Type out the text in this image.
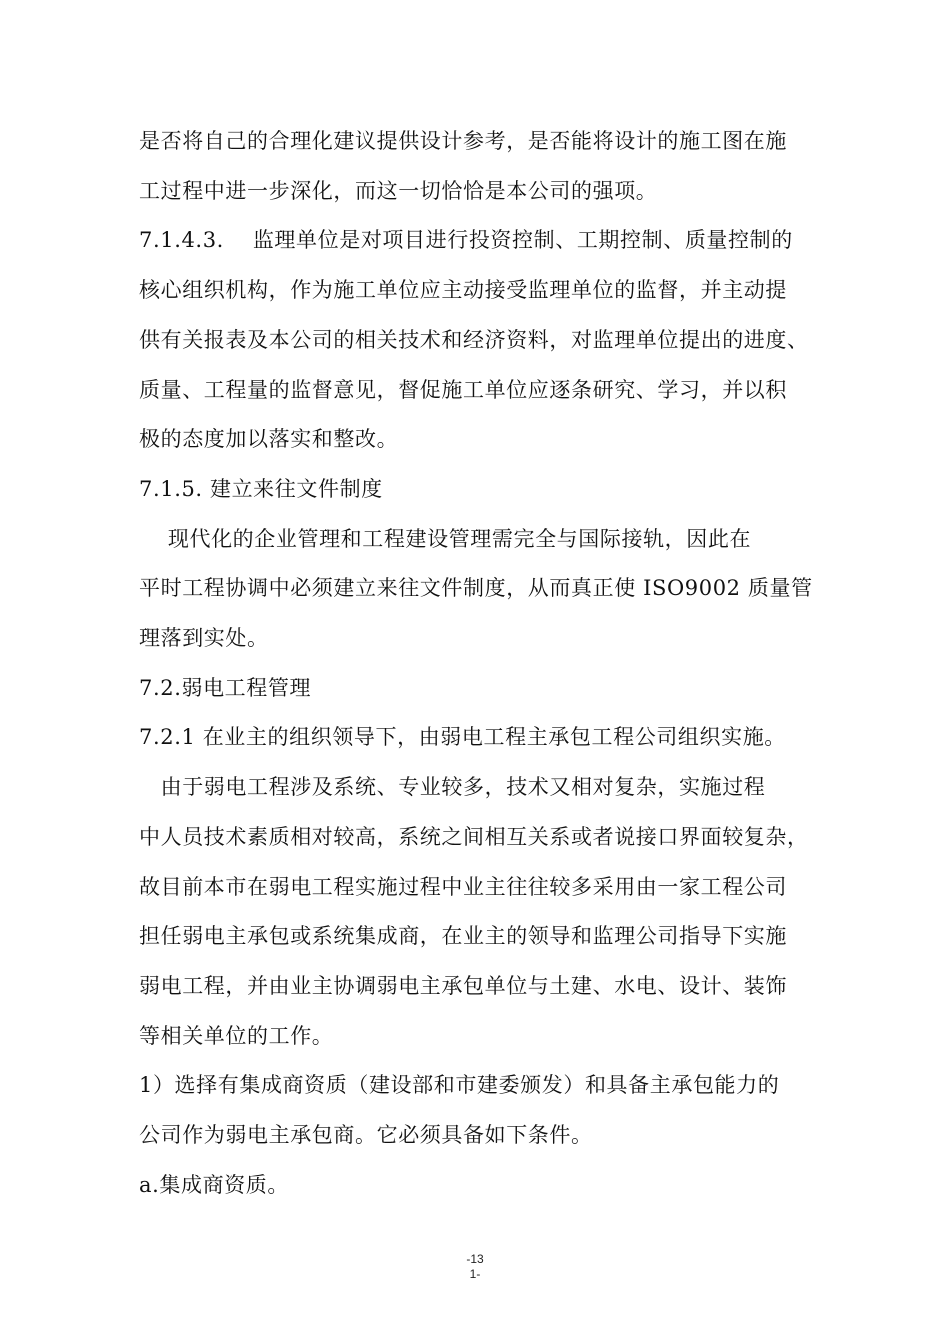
是否将自己的合理化建议提供设计参考，是否能将设计的施工图在施
工过程中进一步深化，而这一切恰恰是本公司的强项。
7.1.4.3.　 监理单位是对项目进行投资控制、工期控制、质量控制的
核心组织机构，作为施工单位应主动接受监理单位的监督，并主动提
供有关报表及本公司的相关技术和经济资料，对监理单位提出的进度、
质量、工程量的监督意见，督促施工单位应逐条研究、学习，并以积
极的态度加以落实和整改。
7.1.5. 建立来往文件制度
　 现代化的企业管理和工程建设管理需完全与国际接轨，因此在
平时工程协调中必须建立来往文件制度，从而真正使 ISO9002 质量管
理落到实处。
7.2.弱电工程管理
7.2.1 在业主的组织领导下，由弱电工程主承包工程公司组织实施。
　由于弱电工程涉及系统、专业较多，技术又相对复杂，实施过程
中人员技术素质相对较高，系统之间相互关系或者说接口界面较复杂，
故目前本市在弱电工程实施过程中业主往往较多采用由一家工程公司
担任弱电主承包或系统集成商，在业主的领导和监理公司指导下实施
弱电工程，并由业主协调弱电主承包单位与土建、水电、设计、装饰
等相关单位的工作。
1）选择有集成商资质（建设部和市建委颁发）和具备主承包能力的
公司作为弱电主承包商。它必须具备如下条件。
a.集成商资质。
-13
1-
